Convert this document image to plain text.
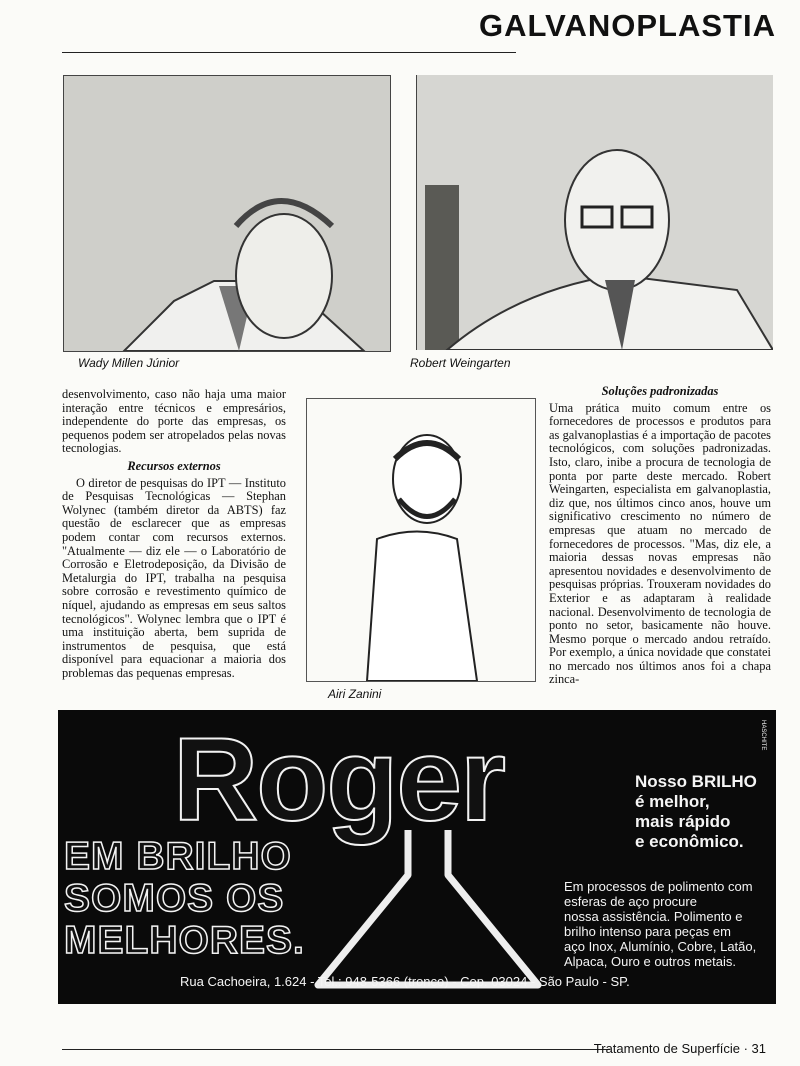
GALVANOPLASTIA
Wady Millen Júnior	Robert Weingarten

desenvolvimento, caso não haja uma maior interação entre técnicos e empresários, independente do porte das empresas, os pequenos podem ser atropelados pelas novas tecnologias.

Recursos externos

O diretor de pesquisas do IPT — Instituto de Pesquisas Tecnológicas — Stephan Wolynec (também diretor da ABTS) faz questão de esclarecer que as empresas podem contar com recursos externos. "Atualmente — diz ele — o Laboratório de Corrosão e Eletrodeposição, da Divisão de Metalurgia do IPT, trabalha na pesquisa sobre corrosão e revestimento químico de níquel, ajudando as empresas em seus saltos tecnológicos". Wolynec lembra que o IPT é uma instituição aberta, bem suprida de instrumentos de pesquisa, que está disponível para equacionar a maioria dos problemas das pequenas empresas.

Airi Zanini
Soluções padronizadas

Uma prática muito comum entre os fornecedores de processos e produtos para as galvanoplastias é a importação de pacotes tecnológicos, com soluções padronizadas. Isto, claro, inibe a procura de tecnologia de ponta por parte deste mercado. Robert Weingarten, especialista em galvanoplastia, diz que, nos últimos cinco anos, houve um significativo crescimento no número de empresas que atuam no mercado de fornecedores de processos. "Mas, diz ele, a maioria dessas novas empresas não apresentou novidades e desenvolvimento de pesquisas próprias. Trouxeram novidades do Exterior e as adaptaram à realidade nacional. Desenvolvimento de tecnologia de ponto no setor, basicamente não houve. Mesmo porque o mercado andou retraído. Por exemplo, a única novidade que constatei no mercado nos últimos anos foi a chapa zinca-

Roger
EM BRILHO
SOMOS OS
MELHORES.
Nosso BRILHO
é melhor,
mais rápido
e econômico.
Em processos de polimento com
esferas de aço procure
nossa assistência. Polimento e
brilho intenso para peças em
aço Inox, Alumínio, Cobre, Latão,
Alpaca, Ouro e outros metais.
Rua Cachoeira, 1.624 - Tel.: 948-5366 (tronco) - Cep. 03024 - São Paulo - SP.
HASCHITE
Tratamento de Superfície · 31
